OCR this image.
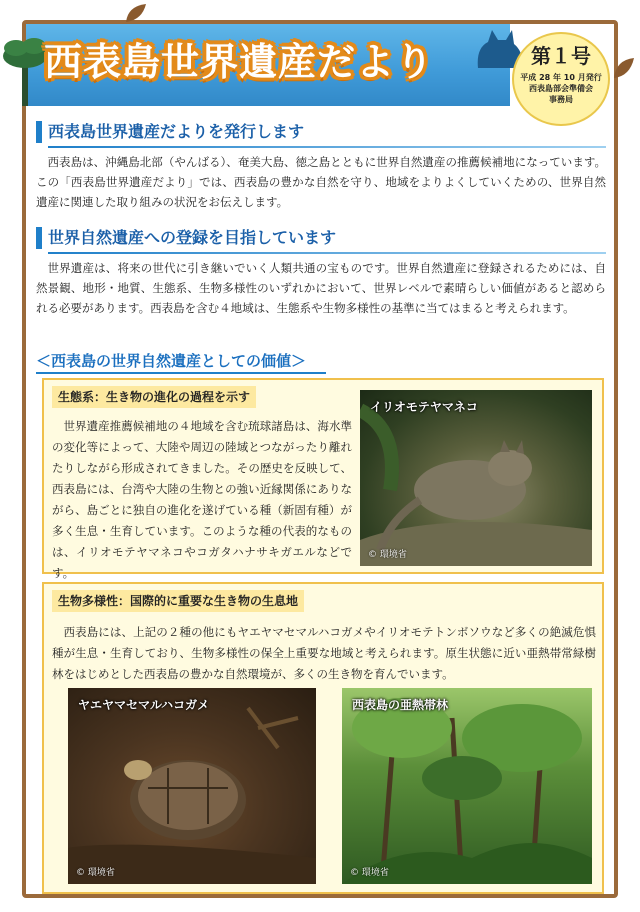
西表島世界遺産だより	第１号
平成 28 年 10 月発行
西表島部会準備会
事務局
西表島世界遺産だよりを発行します
西表島は、沖縄島北部（やんばる）、奄美大島、徳之島とともに世界自然遺産の推薦候補地になっています。この「西表島世界遺産だより」では、西表島の豊かな自然を守り、地域をよりよくしていくための、世界自然遺産に関連した取り組みの状況をお伝えします。
世界自然遺産への登録を目指しています
世界遺産は、将来の世代に引き継いでいく人類共通の宝ものです。世界自然遺産に登録されるためには、自然景観、地形・地質、生態系、生物多様性のいずれかにおいて、世界レベルで素晴らしい価値があると認められる必要があります。西表島を含む４地域は、生態系や生物多様性の基準に当てはまると考えられます。
＜西表島の世界自然遺産としての価値＞
生態系：生き物の進化の過程を示す
世界遺産推薦候補地の４地域を含む琉球諸島は、海水準の変化等によって、大陸や周辺の陸域とつながったり離れたりしながら形成されてきました。その歴史を反映して、西表島には、台湾や大陸の生物との強い近縁関係にありながら、島ごとに独自の進化を遂げている種（新固有種）が多く生息・生育しています。このような種の代表的なものは、イリオモテヤマネコやコガタハナサキガエルなどです。
イリオモテヤマネコ
© 環境省
生物多様性：国際的に重要な生き物の生息地
西表島には、上記の２種の他にもヤエヤマセマルハコガメやイリオモテトンボソウなど多くの絶滅危惧種が生息・生育しており、生物多様性の保全上重要な地域と考えられます。原生状態に近い亜熱帯常緑樹林をはじめとした西表島の豊かな自然環境が、多くの生き物を育んでいます。
ヤエヤマセマルハコガメ
© 環境省
西表島の亜熱帯林
© 環境省
